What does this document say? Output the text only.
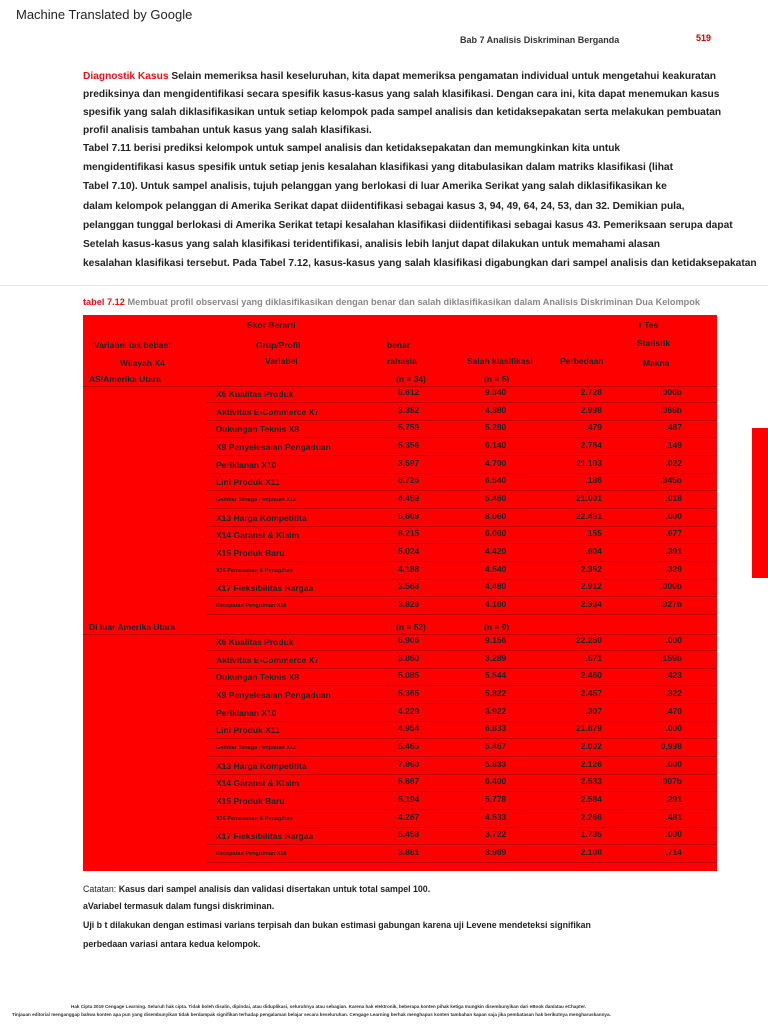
Machine Translated by Google
Bab 7 Analisis Diskriminan Berganda	519
Diagnostik Kasus Selain memeriksa hasil keseluruhan, kita dapat memeriksa pengamatan individual untuk mengetahui keakuratan
prediksinya dan mengidentifikasi secara spesifik kasus-kasus yang salah klasifikasi. Dengan cara ini, kita dapat menemukan kasus
spesifik yang salah diklasifikasikan untuk setiap kelompok pada sampel analisis dan ketidaksepakatan serta melakukan pembuatan
profil analisis tambahan untuk kasus yang salah klasifikasi.
Tabel 7.11 berisi prediksi kelompok untuk sampel analisis dan ketidaksepakatan dan memungkinkan kita untuk
mengidentifikasi kasus spesifik untuk setiap jenis kesalahan klasifikasi yang ditabulasikan dalam matriks klasifikasi (lihat
Tabel 7.10). Untuk sampel analisis, tujuh pelanggan yang berlokasi di luar Amerika Serikat yang salah diklasifikasikan ke
dalam kelompok pelanggan di Amerika Serikat dapat diidentifikasi sebagai kasus 3, 94, 49, 64, 24, 53, dan 32. Demikian pula,
pelanggan tunggal berlokasi di Amerika Serikat tetapi kesalahan klasifikasi diidentifikasi sebagai kasus 43. Pemeriksaan serupa dapat
Setelah kasus-kasus yang salah klasifikasi teridentifikasi, analisis lebih lanjut dapat dilakukan untuk memahami alasan
kesalahan klasifikasi tersebut. Pada Tabel 7.12, kasus-kasus yang salah klasifikasi digabungkan dari sampel analisis dan ketidaksepakatan
tabel 7.12 Membuat profil observasi yang diklasifikasikan dengan benar dan salah diklasifikasikan dalam Analisis Diskriminan Dua Kelompok
Skor Berarti	t Tes
Variabel tak bebas:	Grup/Profil	benar	Statistik
Wilayah X4	Variabel	rahasia	Salah klasifikasi	Perbedaan	Makna
AS/Amerika Utara	(n = 34)	(n = 5)
X6 Kualitas Produk	8.612	9.340	2.728	.000b
Aktivitas E-Commerce X7	3.382	4.380	2.998	.068b
Dukungan Teknis X8	5.759	5.280	.479	.487
X9 Penyelesaian Pengaduan	5.356	6.140	2.784	.149
Periklanan X10	3.597	4.700	21.103	.022
Lini Produk X11	6.726	6.540	.186	.345b
Gambar Tenaga Penjualan X12	4.459	5.460	21.001	.018
X13 Harga Kompetitita	5.609	8.060	22.451	.000
X14 Garansi & Klaim	6.215	6.060	.155	.677
X15 Produk Baru	5.024	4.420	.604	.391
X16 Pemesanan & Penagihan	4.188	4.540	2.352	.329
X17 Fleksibilitas Hargaa	3.568	4.480	2.912	.000b
Kecepatan Pengiriman X18	3.826	4.160	2.334	.027b
Di luar Amerika Utara	(n = 52)	(n = 9)
X6 Kualitas Produk	6.906	9.156	22.250	.000
Aktivitas E-Commerce X7	3.860	3.289	.571	.159b
Dukungan Teknis X8	5.085	5.544	2.460	.423
X9 Penyelesaian Pengaduan	5.365	5.822	2.457	.322
Periklanan X10	4.229	3.922	.307	.470
Lini Produk X11	4.954	6.833	21.879	.000
Gambar Tenaga Penjualan X12	5.465	5.467	2.002	0,998
X13 Harga Kompetitita	7.960	5.833	2.126	.000
X14 Garansi & Klaim	5.867	6.400	2.533	.007b
X15 Produk Baru	5.194	5.778	2.584	.291
X16 Pemesanan & Penagihan	4.267	4.533	2.266	.481
X17 Fleksibilitas Hargaa	5.458	3.722	1.735	.000
Kecepatan Pengiriman X18	3.881	3.989	2.108	.714
Catatan: Kasus dari sampel analisis dan validasi disertakan untuk total sampel 100.
aVariabel termasuk dalam fungsi diskriminan.
Uji b t dilakukan dengan estimasi varians terpisah dan bukan estimasi gabungan karena uji Levene mendeteksi signifikan
perbedaan variasi antara kedua kelompok.
Hak Cipta 2019 Cengage Learning. Seluruh hak cipta. Tidak boleh disalin, dipindai, atau diduplikasi, seluruhnya atau sebagian. Karena hak elektronik, beberapa konten pihak ketiga mungkin disembunyikan dari eBook dan/atau eChapter.
Tinjauan editorial menganggap bahwa konten apa pun yang disembunyikan tidak berdampak signifikan terhadap pengalaman belajar secara keseluruhan. Cengage Learning berhak menghapus konten tambahan kapan saja jika pembatasan hak berikutnya mengharuskannya.
